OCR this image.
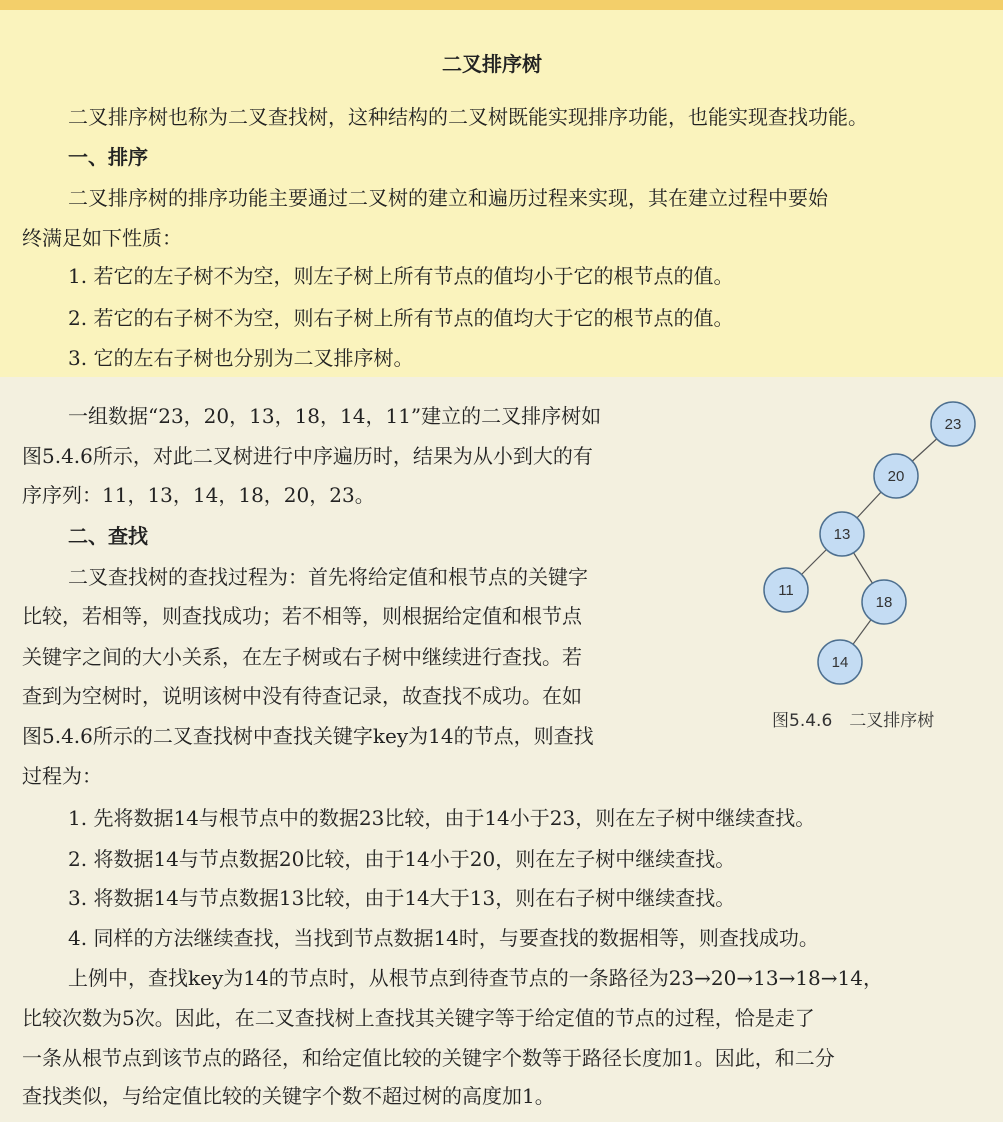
二叉排序树
二叉排序树也称为二叉查找树，这种结构的二叉树既能实现排序功能，也能实现查找功能。
一、排序
二叉排序树的排序功能主要通过二叉树的建立和遍历过程来实现，其在建立过程中要始
终满足如下性质：
1. 若它的左子树不为空，则左子树上所有节点的值均小于它的根节点的值。
2. 若它的右子树不为空，则右子树上所有节点的值均大于它的根节点的值。
3. 它的左右子树也分别为二叉排序树。
一组数据“23，20，13，18，14，11”建立的二叉排序树如
图5.4.6所示，对此二叉树进行中序遍历时，结果为从小到大的有
序序列：11，13，14，18，20，23。
二、查找
二叉查找树的查找过程为：首先将给定值和根节点的关键字
比较，若相等，则查找成功；若不相等，则根据给定值和根节点
关键字之间的大小关系，在左子树或右子树中继续进行查找。若
查到为空树时，说明该树中没有待查记录，故查找不成功。在如
图5.4.6所示的二叉查找树中查找关键字key为14的节点，则查找
过程为：
1. 先将数据14与根节点中的数据23比较，由于14小于23，则在左子树中继续查找。
2. 将数据14与节点数据20比较，由于14小于20，则在左子树中继续查找。
3. 将数据14与节点数据13比较，由于14大于13，则在右子树中继续查找。
4. 同样的方法继续查找，当找到节点数据14时，与要查找的数据相等，则查找成功。
上例中，查找key为14的节点时，从根节点到待查节点的一条路径为23→20→13→18→14，
比较次数为5次。因此，在二叉查找树上查找其关键字等于给定值的节点的过程，恰是走了
一条从根节点到该节点的路径，和给定值比较的关键字个数等于路径长度加1。因此，和二分
查找类似，与给定值比较的关键字个数不超过树的高度加1。
23
20
13
11
18
14
图5.4.6　二叉排序树
